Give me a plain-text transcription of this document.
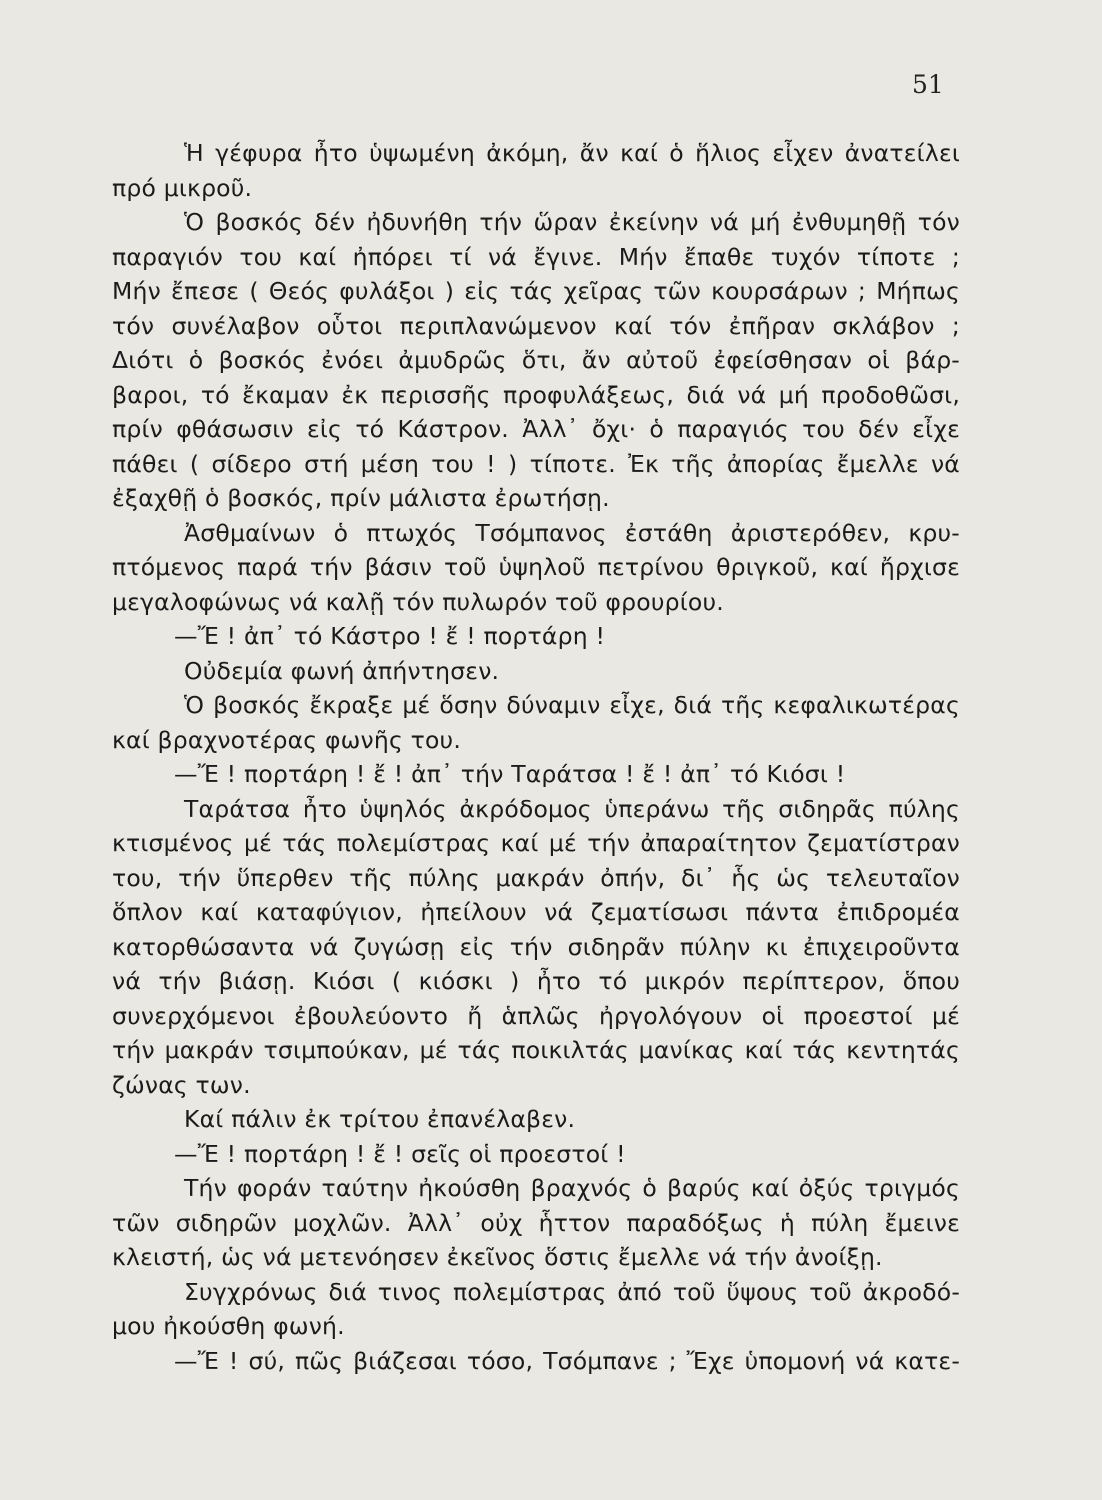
51
Ἡ γέφυρα ἦτο ὑψωμένη ἀκόμη, ἄν καί ὁ ἥλιος εἶχεν ἀνατείλει
πρό μικροῦ.
Ὁ βοσκός δέν ἠδυνήθη τήν ὥραν ἐκείνην νά μή ἐνθυμηθῇ τόν
παραγιόν του καί ἠπόρει τί νά ἔγινε. Μήν ἔπαθε τυχόν τίποτε ;
Μήν ἔπεσε ( Θεός φυλάξοι ) εἰς τάς χεῖρας τῶν κουρσάρων ; Μήπως
τόν συνέλαβον οὗτοι περιπλανώμενον καί τόν ἐπῆραν σκλάβον ;
Διότι ὁ βοσκός ἐνόει ἀμυδρῶς ὅτι, ἄν αὐτοῦ ἐφείσθησαν οἱ βάρ-
βαροι, τό ἔκαμαν ἐκ περισσῆς προφυλάξεως, διά νά μή προδοθῶσι,
πρίν φθάσωσιν εἰς τό Κάστρον. Ἀλλ᾿ ὄχι· ὁ παραγιός του δέν εἶχε
πάθει ( σίδερο στή μέση του ! ) τίποτε. Ἐκ τῆς ἀπορίας ἔμελλε νά
ἐξαχθῇ ὁ βοσκός, πρίν μάλιστα ἐρωτήσῃ.
Ἀσθμαίνων ὁ πτωχός Τσόμπανος ἐστάθη ἀριστερόθεν, κρυ-
πτόμενος παρά τήν βάσιν τοῦ ὑψηλοῦ πετρίνου θριγκοῦ, καί ἤρχισε
μεγαλοφώνως νά καλῇ τόν πυλωρόν τοῦ φρουρίου.
—Ἔ ! ἀπ᾿ τό Κάστρο ! ἔ ! πορτάρη !
Οὐδεμία φωνή ἀπήντησεν.
Ὁ βοσκός ἔκραξε μέ ὅσην δύναμιν εἶχε, διά τῆς κεφαλικωτέρας
καί βραχνοτέρας φωνῆς του.
—Ἔ ! πορτάρη ! ἔ ! ἀπ᾿ τήν Ταράτσα ! ἔ ! ἀπ᾿ τό Κιόσι !
Ταράτσα ἦτο ὑψηλός ἀκρόδομος ὑπεράνω τῆς σιδηρᾶς πύλης
κτισμένος μέ τάς πολεμίστρας καί μέ τήν ἀπαραίτητον ζεματίστραν
του, τήν ὕπερθεν τῆς πύλης μακράν ὀπήν, δι᾿ ἧς ὡς τελευταῖον
ὅπλον καί καταφύγιον, ἠπείλουν νά ζεματίσωσι πάντα ἐπιδρομέα
κατορθώσαντα νά ζυγώσῃ εἰς τήν σιδηρᾶν πύλην κι ἐπιχειροῦντα
νά τήν βιάσῃ. Κιόσι ( κιόσκι ) ἦτο τό μικρόν περίπτερον, ὅπου
συνερχόμενοι ἐβουλεύοντο ἤ ἁπλῶς ἠργολόγουν οἱ προεστοί μέ
τήν μακράν τσιμπούκαν, μέ τάς ποικιλτάς μανίκας καί τάς κεντητάς
ζώνας των.
Καί πάλιν ἐκ τρίτου ἐπανέλαβεν.
—Ἔ ! πορτάρη ! ἔ ! σεῖς οἱ προεστοί !
Τήν φοράν ταύτην ἠκούσθη βραχνός ὁ βαρύς καί ὀξύς τριγμός
τῶν σιδηρῶν μοχλῶν. Ἀλλ᾿ οὐχ ἧττον παραδόξως ἡ πύλη ἔμεινε
κλειστή, ὡς νά μετενόησεν ἐκεῖνος ὅστις ἔμελλε νά τήν ἀνοίξῃ.
Συγχρόνως διά τινος πολεμίστρας ἀπό τοῦ ὕψους τοῦ ἀκροδό-
μου ἠκούσθη φωνή.
—Ἔ ! σύ, πῶς βιάζεσαι τόσο, Τσόμπανε ; Ἔχε ὑπομονή νά κατε-
